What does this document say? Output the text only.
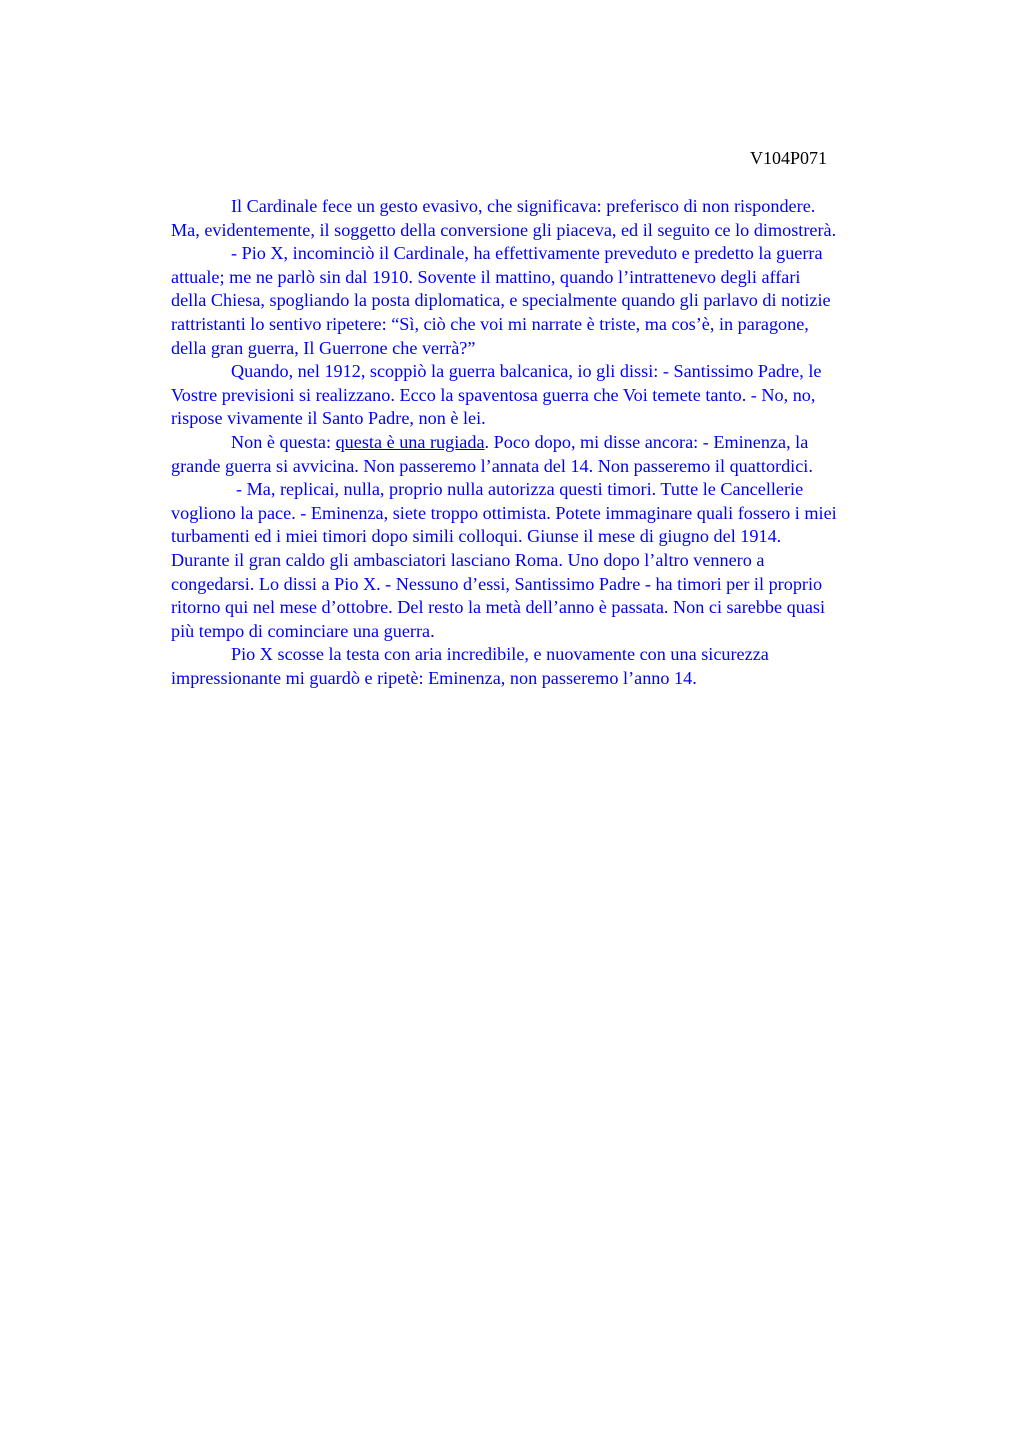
V104P071
Il Cardinale fece un gesto evasivo, che significava: preferisco di non rispondere.
Ma, evidentemente, il soggetto della conversione gli piaceva, ed il seguito ce lo dimostrerà.
- Pio X, incominciò il Cardinale, ha effettivamente preveduto e predetto la guerra
attuale; me ne parlò sin dal 1910. Sovente il mattino, quando l’intrattenevo degli affari
della Chiesa, spogliando la posta diplomatica, e specialmente quando gli parlavo di notizie
rattristanti lo sentivo ripetere: “Sì, ciò che voi mi narrate è triste, ma cos’è, in paragone,
della gran guerra, Il Guerrone che verrà?”
Quando, nel 1912, scoppiò la guerra balcanica, io gli dissi: - Santissimo Padre, le
Vostre previsioni si realizzano. Ecco la spaventosa guerra che Voi temete tanto. - No, no,
rispose vivamente il Santo Padre, non è lei.
Non è questa: questa è una rugiada. Poco dopo, mi disse ancora: - Eminenza, la
grande guerra si avvicina. Non passeremo l’annata del 14. Non passeremo il quattordici.
- Ma, replicai, nulla, proprio nulla autorizza questi timori. Tutte le Cancellerie
vogliono la pace. - Eminenza, siete troppo ottimista. Potete immaginare quali fossero i miei
turbamenti ed i miei timori dopo simili colloqui. Giunse il mese di giugno del 1914.
Durante il gran caldo gli ambasciatori lasciano Roma. Uno dopo l’altro vennero a
congedarsi. Lo dissi a Pio X. - Nessuno d’essi, Santissimo Padre - ha timori per il proprio
ritorno qui nel mese d’ottobre. Del resto la metà dell’anno è passata. Non ci sarebbe quasi
più tempo di cominciare una guerra.
Pio X scosse la testa con aria incredibile, e nuovamente con una sicurezza
impressionante mi guardò e ripetè: Eminenza, non passeremo l’anno 14.
